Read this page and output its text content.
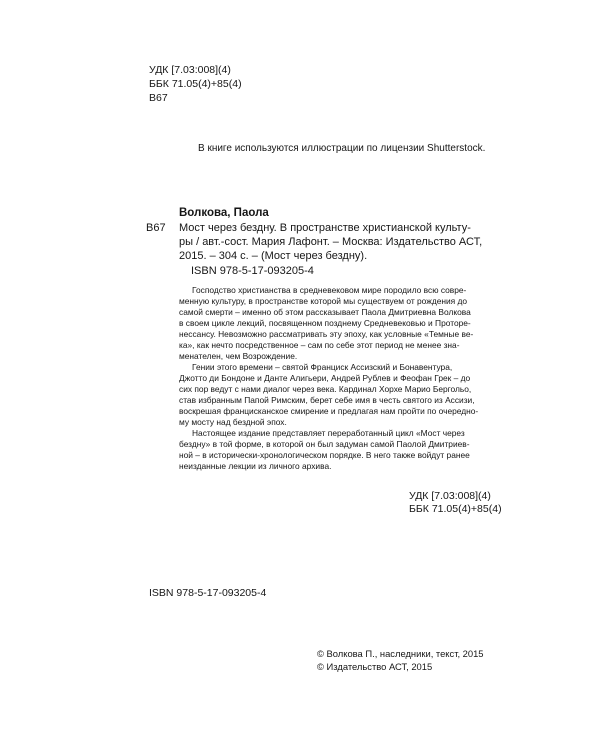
УДК [7.03:008](4)

ББК 71.05(4)+85(4)

В67

В книге используются иллюстрации по лицензии Shutterstock.

Волкова, Паола

В67 Мост через бездну. В пространстве христианской культу-

ры / авт.-сост. Мария Лафонт. – Москва: Издательство АСТ,

2015. – 304 с. – (Мост через бездну).

ISBN 978-5-17-093205-4

Господство христианства в средневековом мире породило всю совре-

менную культуру, в пространстве которой мы существуем от рождения до

самой смерти – именно об этом рассказывает Паола Дмитриевна Волкова

в своем цикле лекций, посвященном позднему Средневековью и Проторе-

нессансу. Невозможно рассматривать эту эпоху, как условные «Темные ве-

ка», как нечто посредственное – сам по себе этот период не менее зна-

менателен, чем Возрождение.

Гении этого времени – святой Франциск Ассизский и Бонавентура,

Джотто ди Бондоне и Данте Алигьери, Андрей Рублев и Феофан Грек – до

сих пор ведут с нами диалог через века. Кардинал Хорхе Марио Бергольо,

став избранным Папой Римским, берет себе имя в честь святого из Ассизи,

воскрешая францисканское смирение и предлагая нам пройти по очередно-

му мосту над бездной эпох.

Настоящее издание представляет переработанный цикл «Мост через

бездну» в той форме, в которой он был задуман самой Паолой Дмитриев-

ной – в исторически-хронологическом порядке. В него также войдут ранее

неизданные лекции из личного архива.

УДК [7.03:008](4)

ББК 71.05(4)+85(4)

ISBN 978-5-17-093205-4

© Волкова П., наследники, текст, 2015

© Издательство АСТ, 2015
